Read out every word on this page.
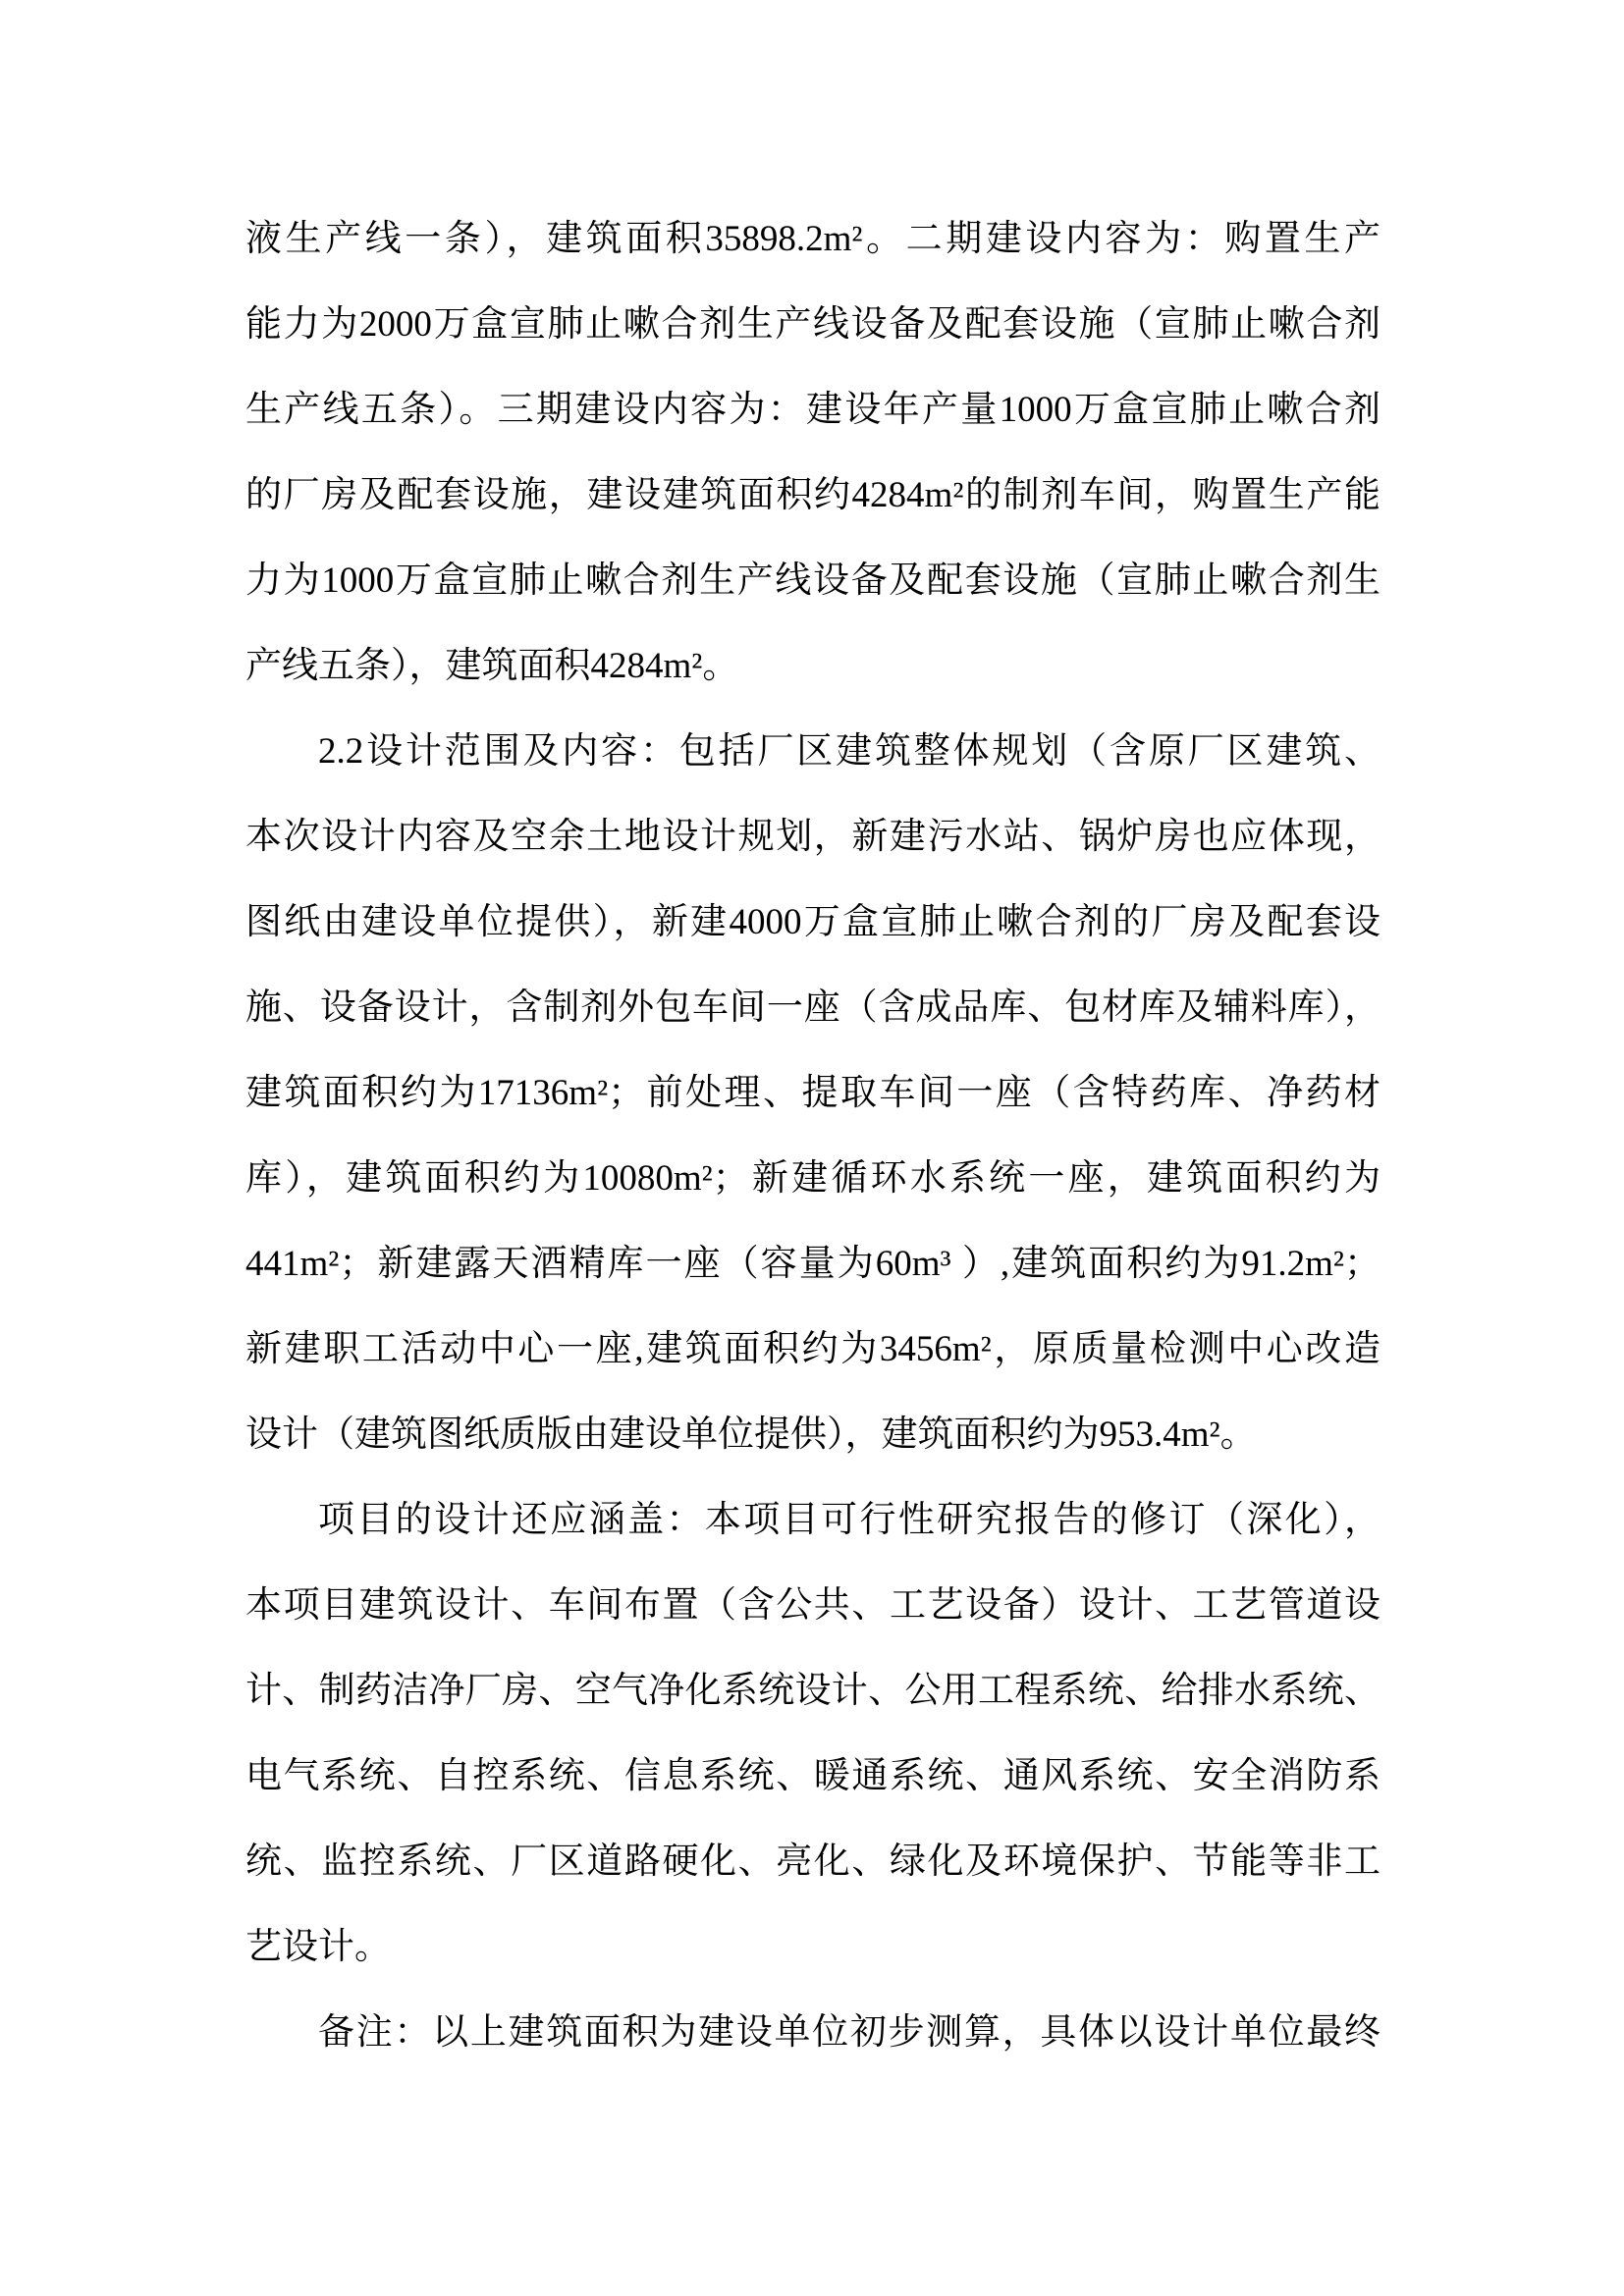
液生产线一条），建筑面积35898.2m²。二期建设内容为：购置生产
能力为2000万盒宣肺止嗽合剂生产线设备及配套设施（宣肺止嗽合剂
生产线五条）。三期建设内容为：建设年产量1000万盒宣肺止嗽合剂
的厂房及配套设施，建设建筑面积约4284m²的制剂车间，购置生产能
力为1000万盒宣肺止嗽合剂生产线设备及配套设施（宣肺止嗽合剂生
产线五条），建筑面积4284m²。
2.2设计范围及内容：包括厂区建筑整体规划（含原厂区建筑、
本次设计内容及空余土地设计规划，新建污水站、锅炉房也应体现，
图纸由建设单位提供），新建4000万盒宣肺止嗽合剂的厂房及配套设
施、设备设计，含制剂外包车间一座（含成品库、包材库及辅料库），
建筑面积约为17136m²；前处理、提取车间一座（含特药库、净药材
库），建筑面积约为10080m²；新建循环水系统一座，建筑面积约为
441m²；新建露天酒精库一座（容量为60m³ ）,建筑面积约为91.2m²；
新建职工活动中心一座,建筑面积约为3456m²，原质量检测中心改造
设计（建筑图纸质版由建设单位提供），建筑面积约为953.4m²。
项目的设计还应涵盖：本项目可行性研究报告的修订（深化），
本项目建筑设计、车间布置（含公共、工艺设备）设计、工艺管道设
计、制药洁净厂房、空气净化系统设计、公用工程系统、给排水系统、
电气系统、自控系统、信息系统、暖通系统、通风系统、安全消防系
统、监控系统、厂区道路硬化、亮化、绿化及环境保护、节能等非工
艺设计。
备注：以上建筑面积为建设单位初步测算，具体以设计单位最终
